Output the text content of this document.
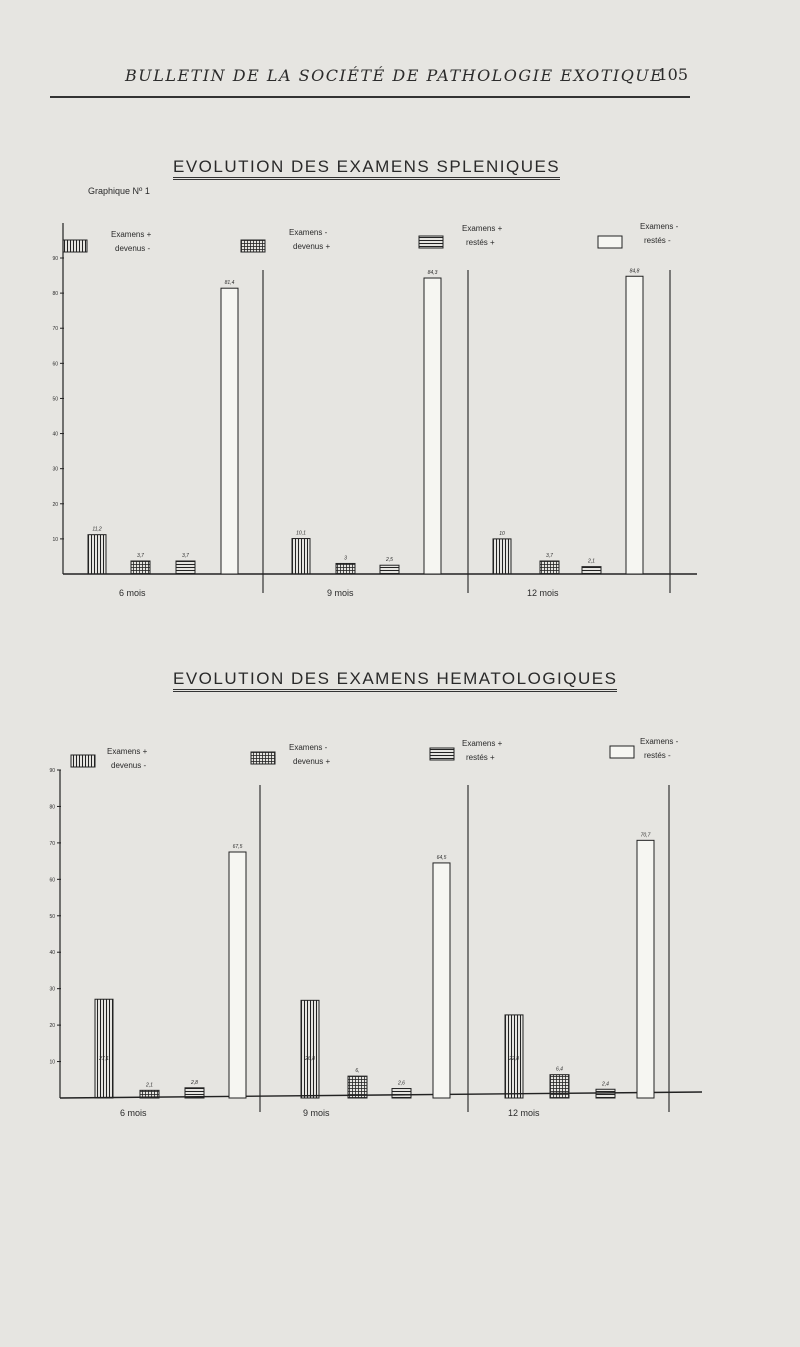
BULLETIN DE LA SOCIÉTÉ DE PATHOLOGIE EXOTIQUE
105
EVOLUTION DES EXAMENS SPLENIQUES
Graphique Nº 1
10
20
30
40
50
60
70
80
90
Examens +
devenus -
Examens -
devenus +
Examens +
restés +
Examens -
restés -
11,2
3,7	3,7
81,4
6 mois
10,1
3	2,5
84,3
9 mois
10
3,7
2,1
84,8
12 mois
EVOLUTION DES EXAMENS HEMATOLOGIQUES
10
20
30
40
50
60
70
80
90
Examens +
devenus -
Examens -
devenus +
Examens +
restés +
Examens -
restés -
27,1
2,1	2,8
67,5
6 mois
26,8
6,
2,6
64,5
9 mois
22,8
6,4
2,4
70,7
12 mois
